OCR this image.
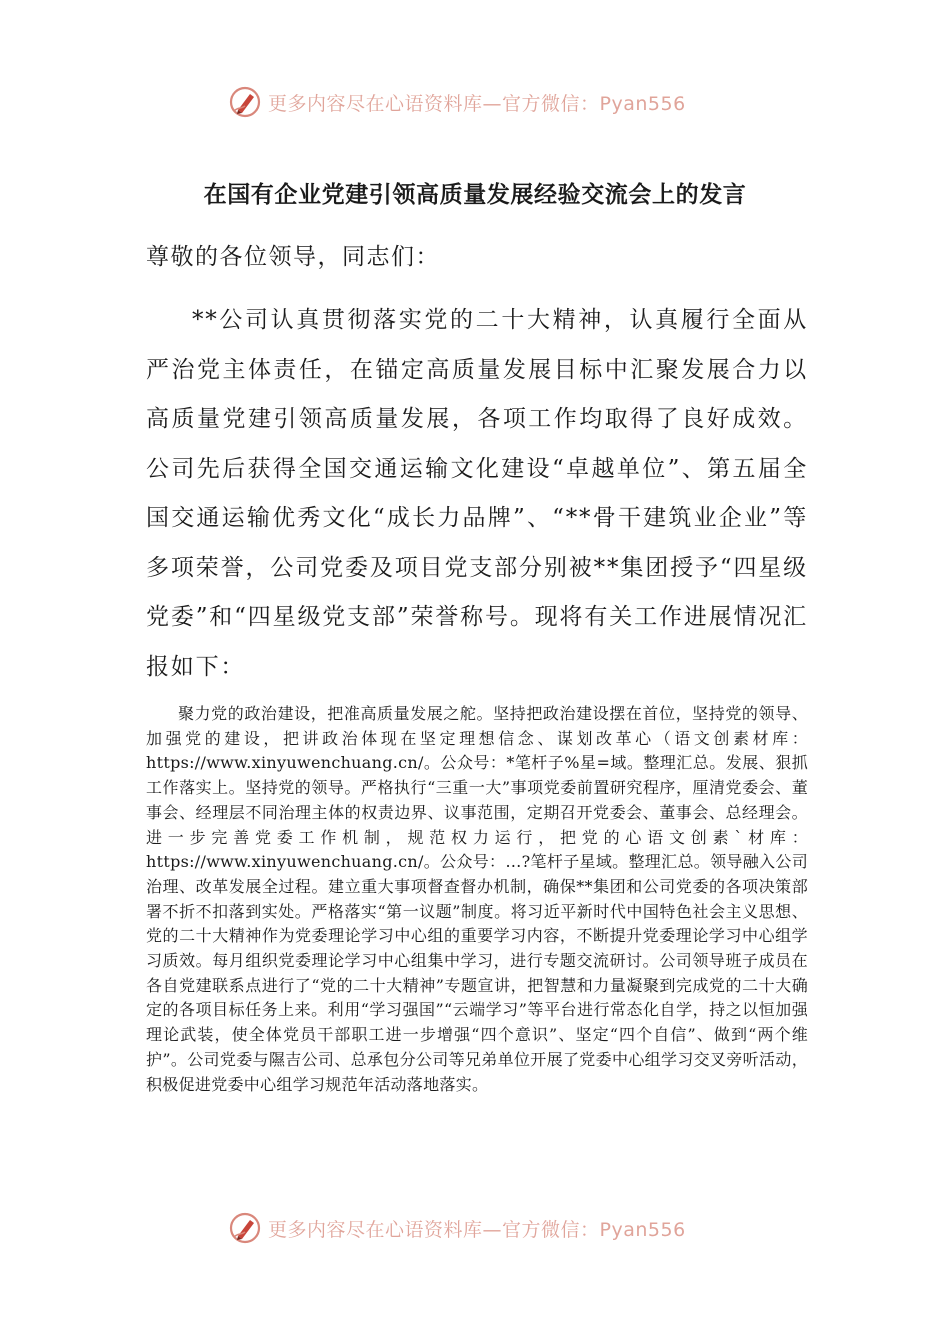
更多内容尽在心语资料库—官方微信：Pyan556
在国有企业党建引领高质量发展经验交流会上的发言

尊敬的各位领导，同志们：

**公司认真贯彻落实党的二十大精神，认真履行全面从严治党主体责任，在锚定高质量发展目标中汇聚发展合力以高质量党建引领高质量发展，各项工作均取得了良好成效。公司先后获得全国交通运输文化建设“卓越单位”、第五届全国交通运输优秀文化“成长力品牌”、“**骨干建筑业企业”等多项荣誉，公司党委及项目党支部分别被**集团授予“四星级党委”和“四星级党支部”荣誉称号。现将有关工作进展情况汇报如下：

聚力党的政治建设，把准高质量发展之舵。坚持把政治建设摆在首位，坚持党的领导、加强党的建设，把讲政治体现在坚定理想信念、谋划改革心（语文创素材库：https://www.xinyuwenchuang.cn/。公众号：*笔杆子%星=域。整理汇总。发展、狠抓工作落实上。坚持党的领导。严格执行“三重一大”事项党委前置研究程序，厘清党委会、董事会、经理层不同治理主体的权责边界、议事范围，定期召开党委会、董事会、总经理会。进一步完善党委工作机制，规范权力运行，把党的心语文创素`材库：https://www.xinyuwenchuang.cn/。公众号：…?笔杆子星域。整理汇总。领导融入公司治理、改革发展全过程。建立重大事项督查督办机制，确保**集团和公司党委的各项决策部署不折不扣落到实处。严格落实“第一议题”制度。将习近平新时代中国特色社会主义思想、党的二十大精神作为党委理论学习中心组的重要学习内容，不断提升党委理论学习中心组学习质效。每月组织党委理论学习中心组集中学习，进行专题交流研讨。公司领导班子成员在各自党建联系点进行了“党的二十大精神”专题宣讲，把智慧和力量凝聚到完成党的二十大确定的各项目标任务上来。利用“学习强国”“云端学习”等平台进行常态化自学，持之以恒加强理论武装，使全体党员干部职工进一步增强“四个意识”、坚定“四个自信”、做到“两个维护”。公司党委与隰吉公司、总承包分公司等兄弟单位开展了党委中心组学习交叉旁听活动，积极促进党委中心组学习规范年活动落地落实。

更多内容尽在心语资料库—官方微信：Pyan556
